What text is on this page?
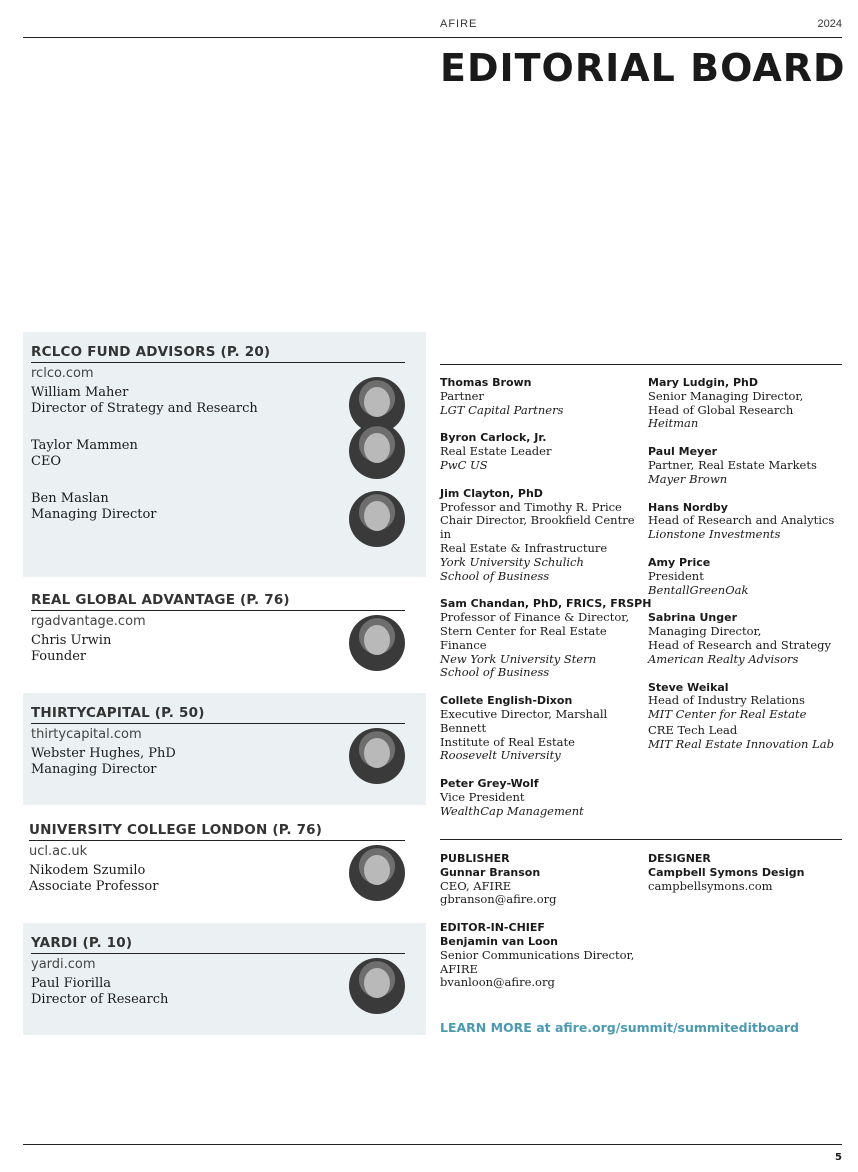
AFIRE	2024
EDITORIAL BOARD
RCLCO FUND ADVISORS (P. 20)
rclco.com
William Maher
Director of Strategy and Research
Taylor Mammen
CEO
Ben Maslan
Managing Director
REAL GLOBAL ADVANTAGE (P. 76)
rgadvantage.com
Chris Urwin
Founder
THIRTYCAPITAL (P. 50)
thirtycapital.com
Webster Hughes, PhD
Managing Director
UNIVERSITY COLLEGE LONDON (P. 76)
ucl.ac.uk
Nikodem Szumilo
Associate Professor
YARDI (P. 10)
yardi.com
Paul Fiorilla
Director of Research
Thomas Brown
Partner
LGT Capital Partners
Byron Carlock, Jr.
Real Estate Leader
PwC US
Jim Clayton, PhD
Professor and Timothy R. Price
Chair Director, Brookfield Centre in
Real Estate & Infrastructure
York University Schulich
School of Business
Sam Chandan, PhD, FRICS, FRSPH
Professor of Finance & Director,
Stern Center for Real Estate Finance
New York University Stern
School of Business
Collete English-Dixon
Executive Director, Marshall Bennett
Institute of Real Estate
Roosevelt University
Peter Grey-Wolf
Vice President
WealthCap Management
Mary Ludgin, PhD
Senior Managing Director,
Head of Global Research
Heitman
Paul Meyer
Partner, Real Estate Markets
Mayer Brown
Hans Nordby
Head of Research and Analytics
Lionstone Investments
Amy Price
President
BentallGreenOak
Sabrina Unger
Managing Director,
Head of Research and Strategy
American Realty Advisors
Steve Weikal
Head of Industry Relations
MIT Center for Real Estate
CRE Tech Lead
MIT Real Estate Innovation Lab
PUBLISHER
Gunnar Branson
CEO, AFIRE
gbranson@afire.org
EDITOR-IN-CHIEF
Benjamin van Loon
Senior Communications Director,
AFIRE
bvanloon@afire.org
DESIGNER
Campbell Symons Design
campbellsymons.com
LEARN MORE at afire.org/summit/summiteditboard
5
